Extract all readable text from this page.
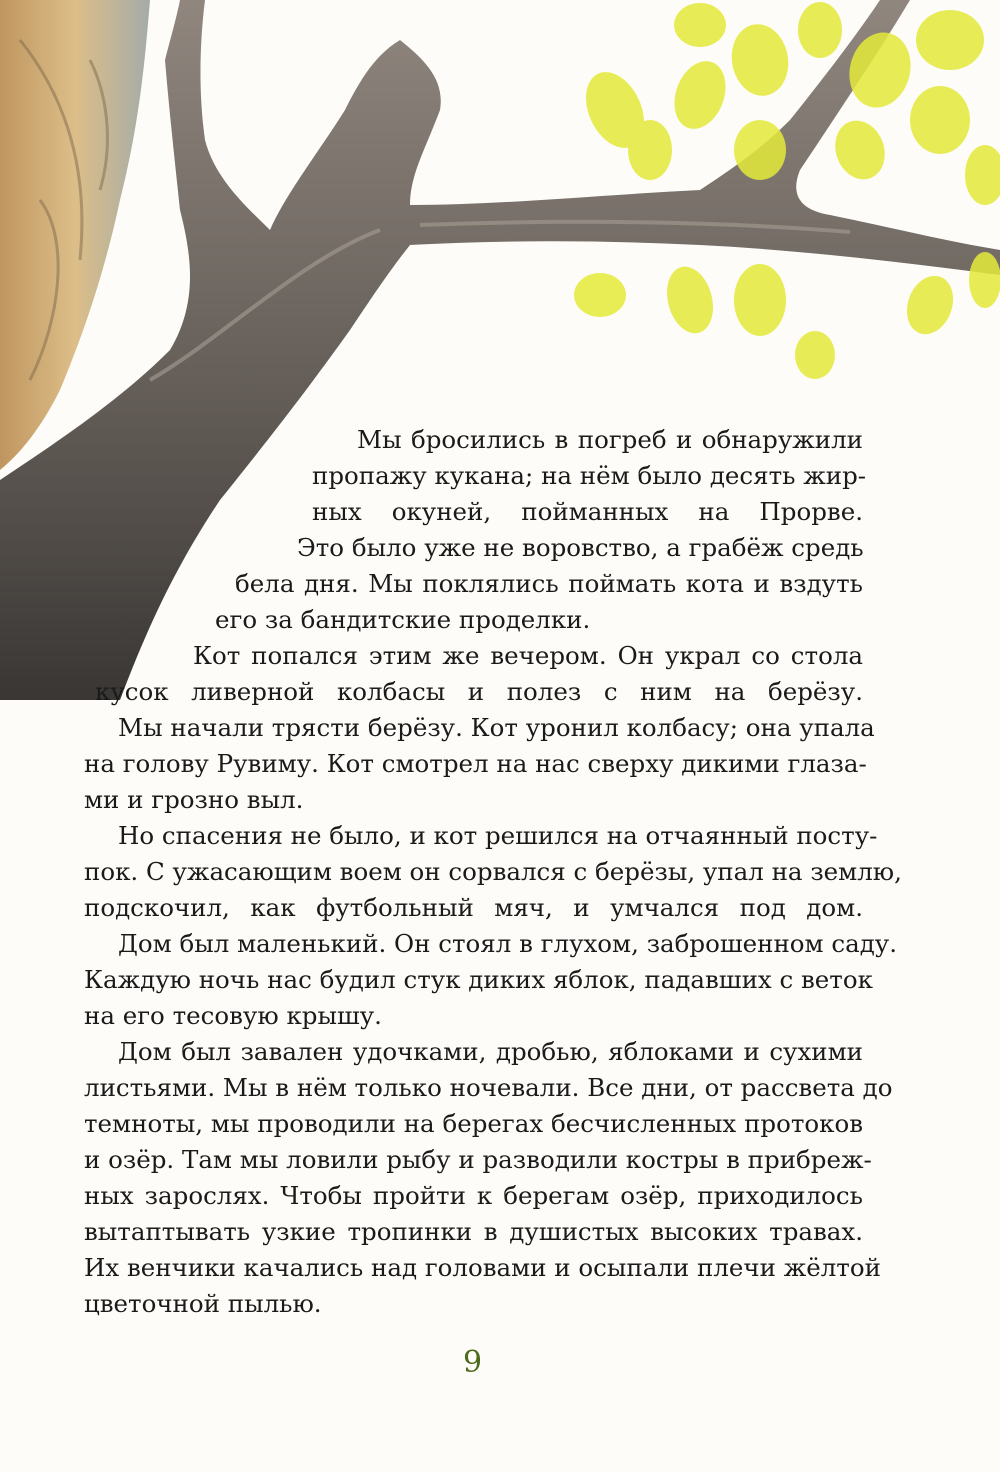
Мы бросились в погреб и обнаружили
пропажу кукана; на нём было десять жир-
ных окуней, пойманных на Прорве.
Это было уже не воровство, а грабёж средь
бела дня. Мы поклялись поймать кота и вздуть
его за бандитские проделки.
Кот попался этим же вечером. Он украл со стола
кусок ливерной колбасы и полез с ним на берёзу.
Мы начали трясти берёзу. Кот уронил колбасу; она упала
на голову Рувиму. Кот смотрел на нас сверху дикими глаза-
ми и грозно выл.
Но спасения не было, и кот решился на отчаянный посту-
пок. С ужасающим воем он сорвался с берёзы, упал на землю,
подскочил, как футбольный мяч, и умчался под дом.
Дом был маленький. Он стоял в глухом, заброшенном саду.
Каждую ночь нас будил стук диких яблок, падавших с веток
на его тесовую крышу.
Дом был завален удочками, дробью, яблоками и сухими
листьями. Мы в нём только ночевали. Все дни, от рассвета до
темноты, мы проводили на берегах бесчисленных протоков
и озёр. Там мы ловили рыбу и разводили костры в прибреж-
ных зарослях. Чтобы пройти к берегам озёр, приходилось
вытаптывать узкие тропинки в душистых высоких травах.
Их венчики качались над головами и осыпали плечи жёлтой
цветочной пылью.
9
